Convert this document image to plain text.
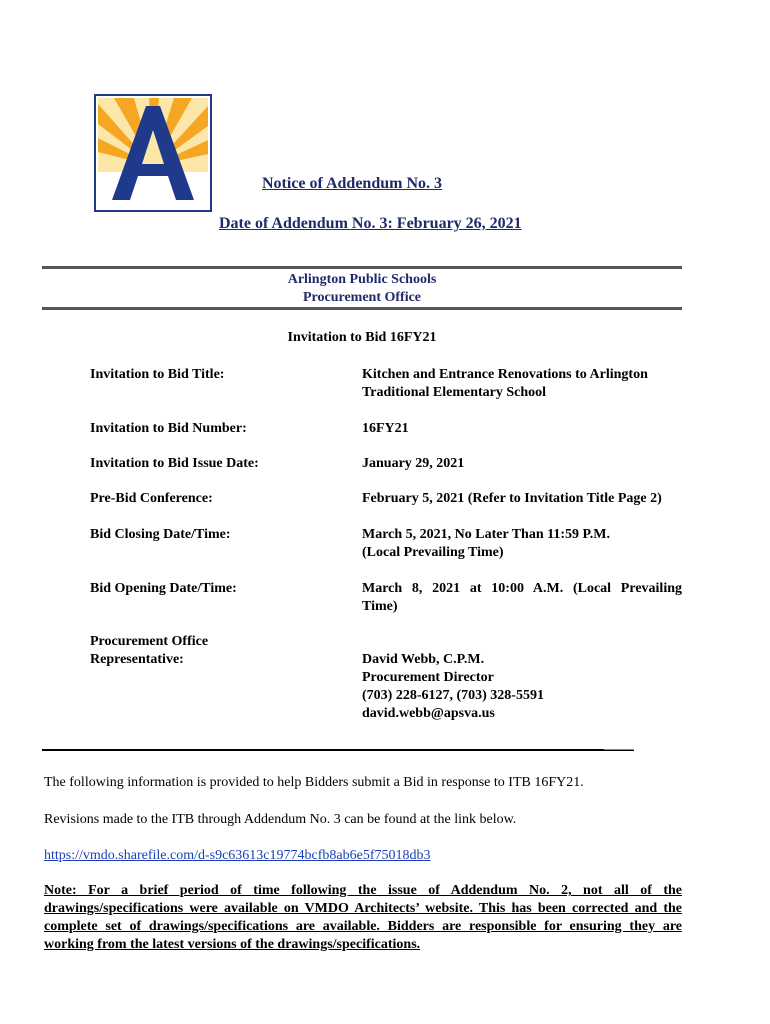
Notice of Addendum No. 3
Date of Addendum No. 3: February 26, 2021
Arlington Public Schools
Procurement Office
Invitation to Bid 16FY21
Invitation to Bid Title:	Kitchen and Entrance Renovations to Arlington Traditional Elementary School
Invitation to Bid Number:	16FY21
Invitation to Bid Issue Date:	January 29, 2021
Pre-Bid Conference:	February 5, 2021 (Refer to Invitation Title Page 2)
Bid Closing Date/Time:	March 5, 2021, No Later Than 11:59 P.M.
(Local Prevailing Time)
Bid Opening Date/Time:	March 8, 2021 at 10:00 A.M. (Local Prevailing
Time)
Procurement Office
Representative:	David Webb, C.P.M.
Procurement Director
(703) 228-6127, (703) 328-5591
david.webb@apsva.us
The following information is provided to help Bidders submit a Bid in response to ITB 16FY21.
Revisions made to the ITB through Addendum No. 3 can be found at the link below.
https://vmdo.sharefile.com/d-s9c63613c19774bcfb8ab6e5f75018db3
Note: For a brief period of time following the issue of Addendum No. 2, not all of the drawings/specifications were available on VMDO Architects’ website. This has been corrected and the complete set of drawings/specifications are available. Bidders are responsible for ensuring they are working from the latest versions of the drawings/specifications.
